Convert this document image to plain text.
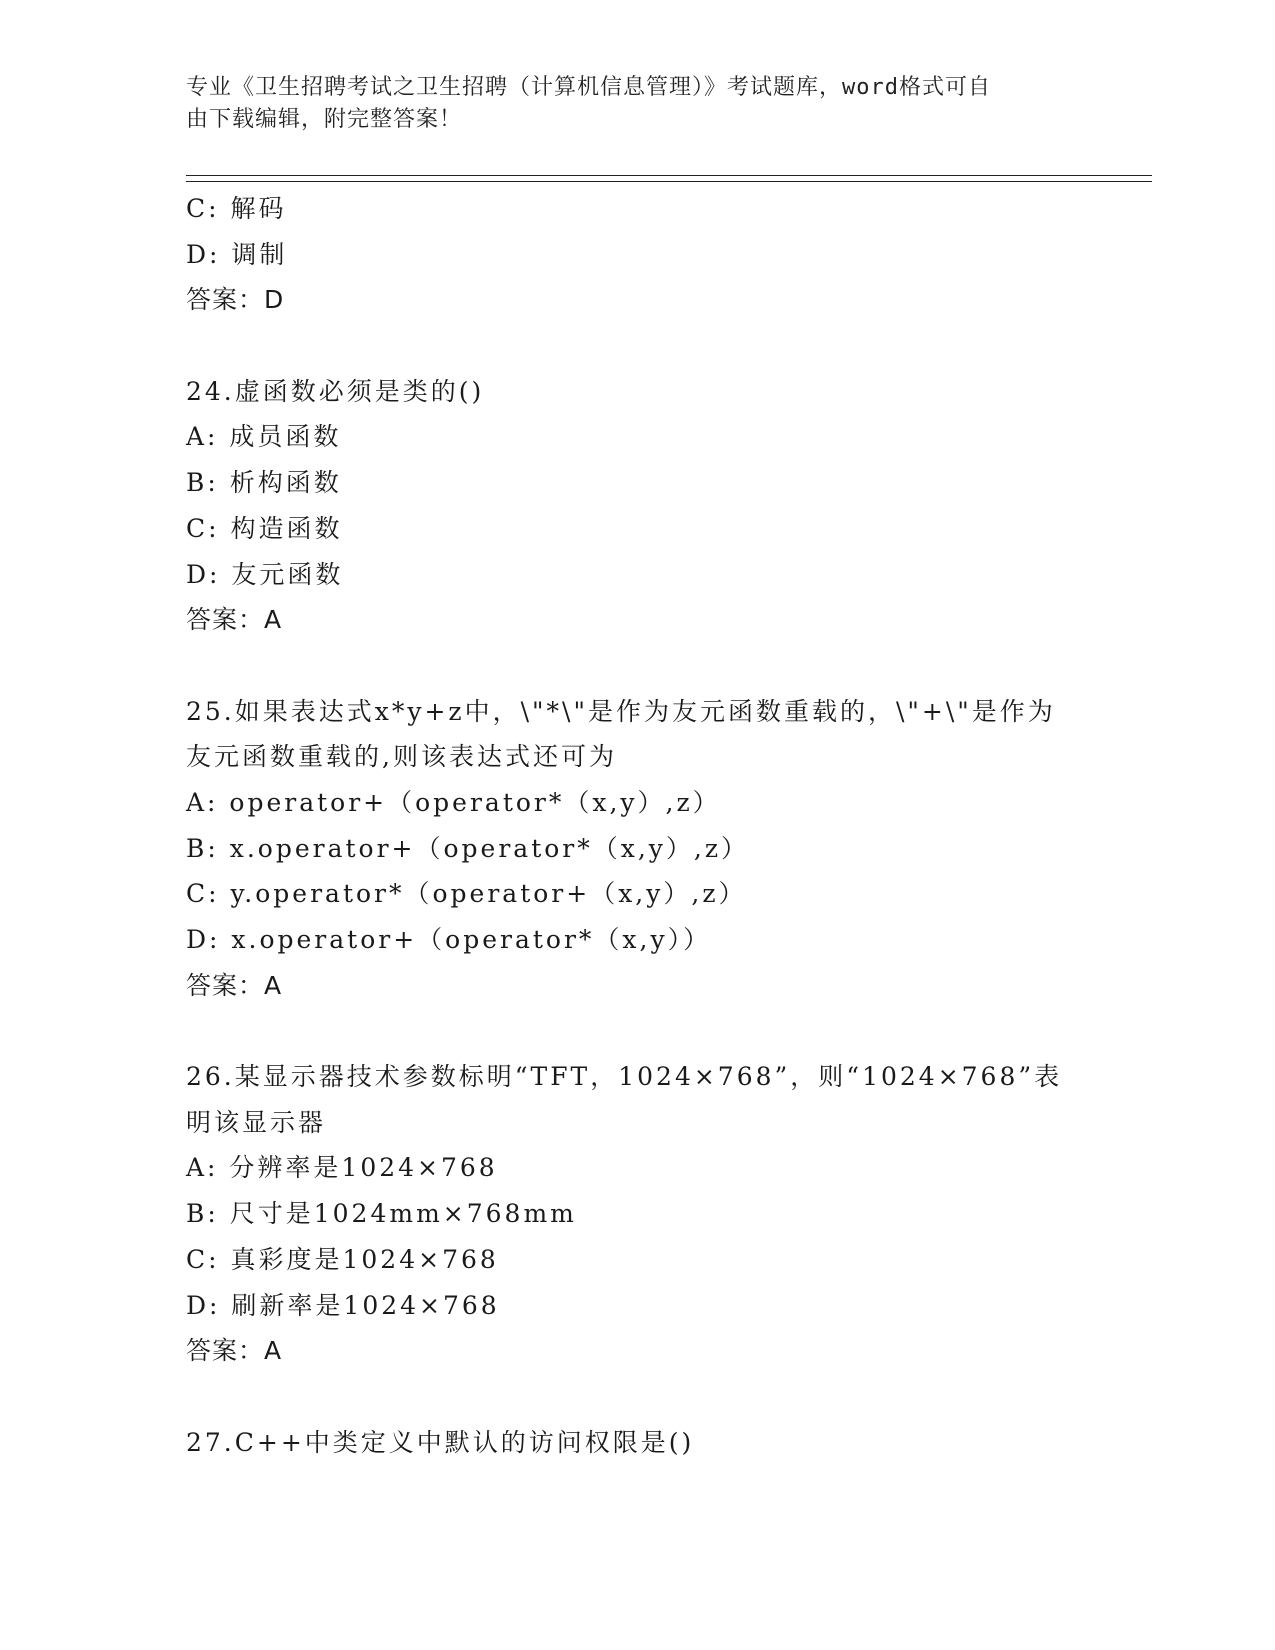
专业《卫生招聘考试之卫生招聘（计算机信息管理）》考试题库，word格式可自
由下载编辑，附完整答案！
C: 解码
D: 调制
答案：D
24.虚函数必须是类的()
A: 成员函数
B: 析构函数
C: 构造函数
D: 友元函数
答案：A
25.如果表达式x*y+z中，\"*\"是作为友元函数重载的，\"+\"是作为
友元函数重载的,则该表达式还可为
A: operator+（operator*（x,y）,z）
B: x.operator+（operator*（x,y）,z）
C: y.operator*（operator+（x,y）,z）
D: x.operator+（operator*（x,y））
答案：A
26.某显示器技术参数标明“TFT，1024×768”，则“1024×768”表
明该显示器
A: 分辨率是1024×768
B: 尺寸是1024mm×768mm
C: 真彩度是1024×768
D: 刷新率是1024×768
答案：A
27.C++中类定义中默认的访问权限是()
